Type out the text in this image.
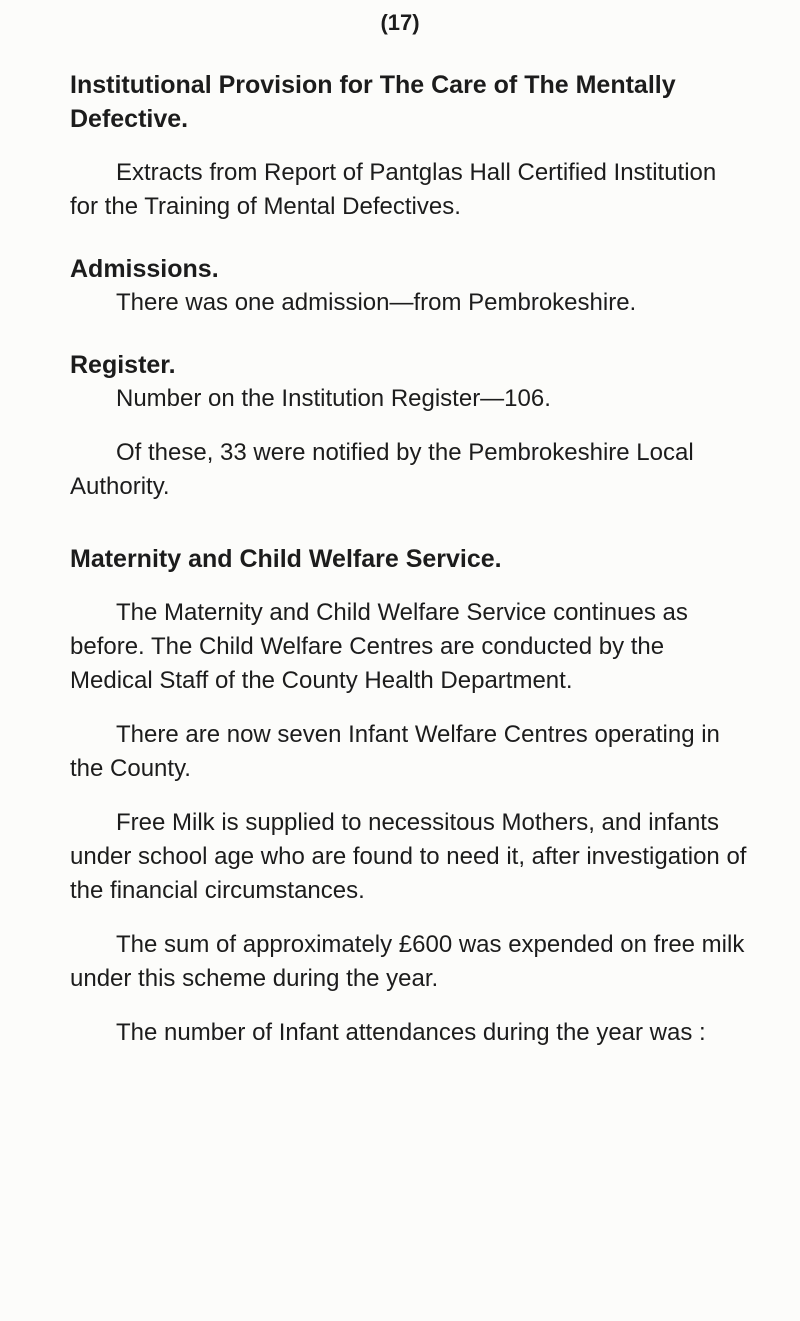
(17)

Institutional Provision for The Care of The Mentally

Defective.

Extracts from Report of Pantglas Hall Certified Institution for the Training of Mental Defectives.

Admissions.

There was one admission—from Pembrokeshire.

Register.

Number on the Institution Register—106.

Of these, 33 were notified by the Pembrokeshire Local Authority.

Maternity and Child Welfare Service.

The Maternity and Child Welfare Service continues as before. The Child Welfare Centres are conducted by the Medical Staff of the County Health Department.

There are now seven Infant Welfare Centres operating in the County.

Free Milk is supplied to necessitous Mothers, and infants under school age who are found to need it, after investigation of the financial circumstances.

The sum of approximately £600 was expended on free milk under this scheme during the year.

The number of Infant attendances during the year was :
